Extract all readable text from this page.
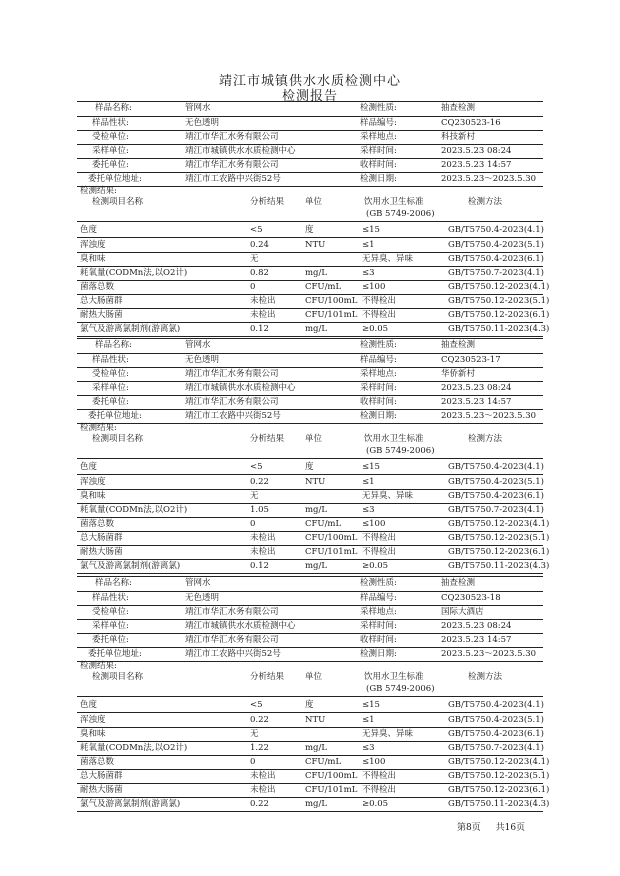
靖江市城镇供水水质检测中心
检测报告
样品名称:	管网水	检测性质:	抽查检测
样品性状:	无色透明	样品编号:	CQ230523-16
受检单位:	靖江市华汇水务有限公司	采样地点:	科技新村
采样单位:	靖江市城镇供水水质检测中心	采样时间:	2023.5.23 08:24
委托单位:	靖江市华汇水务有限公司	收样时间:	2023.5.23 14:57
委托单位地址:	靖江市工农路中兴街52号	检测日期:	2023.5.23～2023.5.30
检测结果:
检测项目名称	分析结果 单位	饮用水卫生标准
(GB 5749-2006)
检测方法
色度	<5	度	≤15	GB/T5750.4-2023(4.1)
浑浊度	0.24	NTU	≤1	GB/T5750.4-2023(5.1)
臭和味	无	无异臭、异味	GB/T5750.4-2023(6.1)
耗氧量(CODMn法,以O2计)	0.82	mg/L	≤3	GB/T5750.7-2023(4.1)
菌落总数	0	CFU/mL ≤100	GB/T5750.12-2023(4.1)
总大肠菌群	未检出	CFU/100mL 不得检出	GB/T5750.12-2023(5.1)
耐热大肠菌	未检出	CFU/101mL 不得检出	GB/T5750.12-2023(6.1)
氯气及游离氯制剂(游离氯)	0.12	mg/L	≥0.05	GB/T5750.11-2023(4.3)
样品名称:	管网水	检测性质:	抽查检测
样品性状:	无色透明	样品编号:	CQ230523-17
受检单位:	靖江市华汇水务有限公司	采样地点:	华侨新村
采样单位:	靖江市城镇供水水质检测中心	采样时间:	2023.5.23 08:24
委托单位:	靖江市华汇水务有限公司	收样时间:	2023.5.23 14:57
委托单位地址:	靖江市工农路中兴街52号	检测日期:	2023.5.23～2023.5.30
检测结果:
检测项目名称	分析结果 单位	饮用水卫生标准
(GB 5749-2006)
检测方法
色度	<5	度	≤15	GB/T5750.4-2023(4.1)
浑浊度	0.22	NTU	≤1	GB/T5750.4-2023(5.1)
臭和味	无	无异臭、异味	GB/T5750.4-2023(6.1)
耗氧量(CODMn法,以O2计)	1.05	mg/L	≤3	GB/T5750.7-2023(4.1)
菌落总数	0	CFU/mL ≤100	GB/T5750.12-2023(4.1)
总大肠菌群	未检出	CFU/100mL 不得检出	GB/T5750.12-2023(5.1)
耐热大肠菌	未检出	CFU/101mL 不得检出	GB/T5750.12-2023(6.1)
氯气及游离氯制剂(游离氯)	0.12	mg/L	≥0.05	GB/T5750.11-2023(4.3)
样品名称:	管网水	检测性质:	抽查检测
样品性状:	无色透明	样品编号:	CQ230523-18
受检单位:	靖江市华汇水务有限公司	采样地点:	国际大酒店
采样单位:	靖江市城镇供水水质检测中心	采样时间:	2023.5.23 08:24
委托单位:	靖江市华汇水务有限公司	收样时间:	2023.5.23 14:57
委托单位地址:	靖江市工农路中兴街52号	检测日期:	2023.5.23～2023.5.30
检测结果:
检测项目名称	分析结果 单位	饮用水卫生标准
(GB 5749-2006)
检测方法
色度	<5	度	≤15	GB/T5750.4-2023(4.1)
浑浊度	0.22	NTU	≤1	GB/T5750.4-2023(5.1)
臭和味	无	无异臭、异味	GB/T5750.4-2023(6.1)
耗氧量(CODMn法,以O2计)	1.22	mg/L	≤3	GB/T5750.7-2023(4.1)
菌落总数	0	CFU/mL ≤100	GB/T5750.12-2023(4.1)
总大肠菌群	未检出	CFU/100mL 不得检出	GB/T5750.12-2023(5.1)
耐热大肠菌	未检出	CFU/101mL 不得检出	GB/T5750.12-2023(6.1)
氯气及游离氯制剂(游离氯)	0.22	mg/L	≥0.05	GB/T5750.11-2023(4.3)
第8页 共16页
